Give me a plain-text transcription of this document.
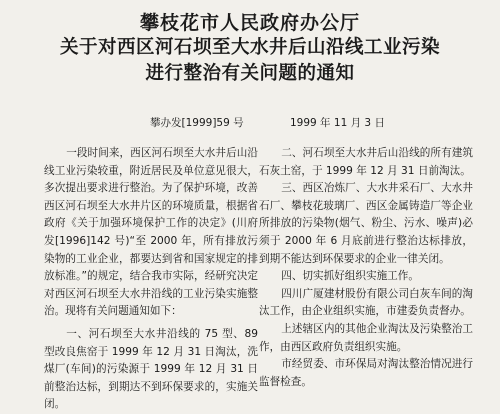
攀枝花市人民政府办公厅
关于对西区河石坝至大水井后山沿线工业污染
进行整治有关问题的通知
攀办发[1999]59 号	1999 年 11 月 3 日

一段时间来，西区河石坝至大水井后山沿线工业污染较重，附近居民及单位意见很大，多次提出要求进行整治。为了保护环境，改善西区河石坝至大水井片区的环境质量，根据省政府《关于加强环境保护工作的决定》(川府发[1996]142 号)“至 2000 年，所有排放污染物的工业企业，都要达到省和国家规定的排放标准。”的规定，结合我市实际，经研究决定对西区河石坝至大水井沿线的工业污染实施整治。现将有关问题通知如下：

一、河石坝至大水井沿线的 75 型、89 型改良焦窑于 1999 年 12 月 31 日淘汰，洗煤厂(车间)的污染源于 1999 年 12 月 31 日前整治达标，到期达不到环保要求的，实施关闭。

二、河石坝至大水井后山沿线的所有建筑石灰土窑，于 1999 年 12 月 31 日前淘汰。

三、西区冶炼厂、大水井采石厂、大水井石厂、攀枝花玻璃厂、西区金属铸造厂等企业所排放的污染物(烟气、粉尘、污水、噪声)必须于 2000 年 6 月底前进行整治达标排放，到期不能达到环保要求的企业一律关闭。

四、切实抓好组织实施工作。

四川广厦建材股份有限公司白灰车间的淘汰工作，由企业组织实施，市建委负责督办。

上述辖区内的其他企业淘汰及污染整治工作，由西区政府负责组织实施。

市经贸委、市环保局对淘汰整治情况进行监督检查。
